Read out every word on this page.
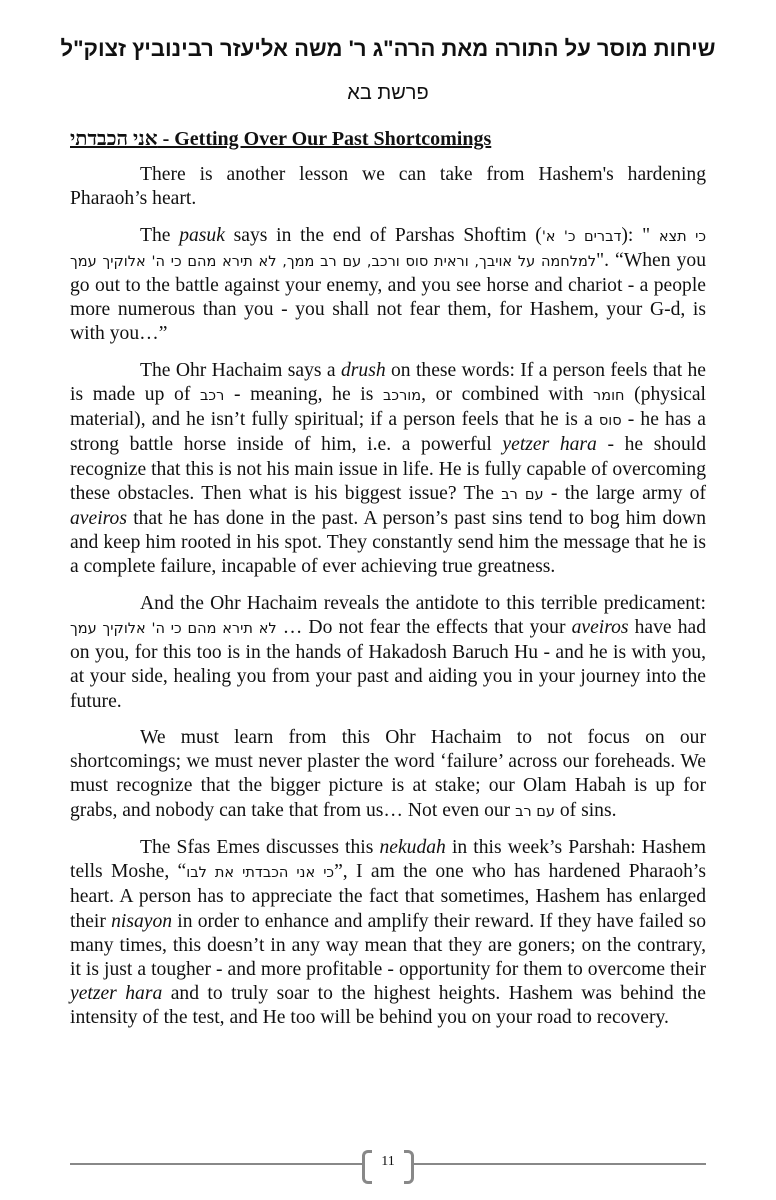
שיחות מוסר על התורה מאת הרה"ג ר' משה אליעזר רבינוביץ זצוק"ל
פרשת בא
אני הכבדתי - Getting Over Our Past Shortcomings

There is another lesson we can take from Hashem's hardening Pharaoh’s heart.

The pasuk says in the end of Parshas Shoftim (דברים כ' א'): " כי תצא למלחמה על אויבך, וראית סוס ורכב, עם רב ממך, לא תירא מהם כי ה' אלוקיך עמך". “When you go out to the battle against your enemy, and you see horse and chariot - a people more numerous than you - you shall not fear them, for Hashem, your G-d, is with you…”

The Ohr Hachaim says a drush on these words: If a person feels that he is made up of רכב - meaning, he is מורכב, or combined with חומר (physical material), and he isn’t fully spiritual; if a person feels that he is a סוס - he has a strong battle horse inside of him, i.e. a powerful yetzer hara - he should recognize that this is not his main issue in life. He is fully capable of overcoming these obstacles. Then what is his biggest issue? The עם רב - the large army of aveiros that he has done in the past. A person’s past sins tend to bog him down and keep him rooted in his spot. They constantly send him the message that he is a complete failure, incapable of ever achieving true greatness.

And the Ohr Hachaim reveals the antidote to this terrible predicament: לא תירא מהם כי ה' אלוקיך עמך … Do not fear the effects that your aveiros have had on you, for this too is in the hands of Hakadosh Baruch Hu - and he is with you, at your side, healing you from your past and aiding you in your journey into the future.

We must learn from this Ohr Hachaim to not focus on our shortcomings; we must never plaster the word ‘failure’ across our foreheads. We must recognize that the bigger picture is at stake; our Olam Habah is up for grabs, and nobody can take that from us… Not even our עם רב of sins.

The Sfas Emes discusses this nekudah in this week’s Parshah: Hashem tells Moshe, “כי אני הכבדתי את לבו”, I am the one who has hardened Pharaoh’s heart. A person has to appreciate the fact that sometimes, Hashem has enlarged their nisayon in order to enhance and amplify their reward. If they have failed so many times, this doesn’t in any way mean that they are goners; on the contrary, it is just a tougher - and more profitable - opportunity for them to overcome their yetzer hara and to truly soar to the highest heights. Hashem was behind the intensity of the test, and He too will be behind you on your road to recovery.

11
